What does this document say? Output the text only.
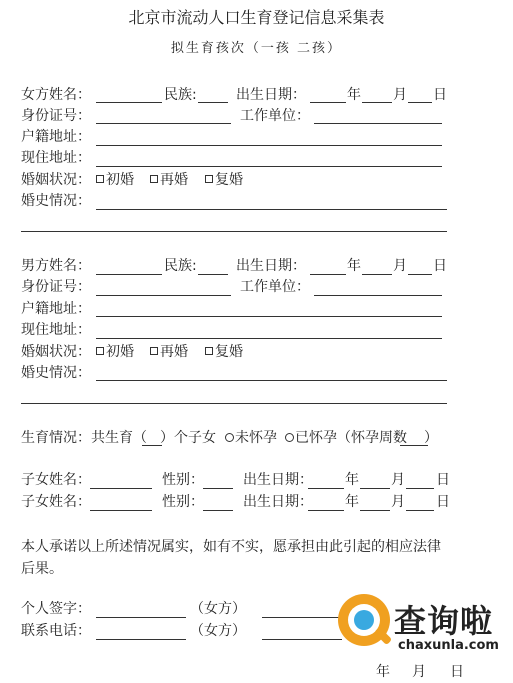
北京市流动人口生育登记信息采集表
拟生育孩次（一孩 二孩）
女方姓名：	民族:	出生日期：	年 月 日
身份证号：	工作单位：
户籍地址：
现住地址：
婚姻状况：	初婚	再婚	复婚
婚史情况：
男方姓名：	民族:	出生日期：	年 月 日
身份证号：	工作单位：
户籍地址：
现住地址：
婚姻状况：	初婚	再婚	复婚
婚史情况：
生育情况：共生育（ ）个子女	未怀孕	已怀孕（怀孕周数 ）
子女姓名：	性别：	出生日期： 年 月 日
子女姓名：	性别：	出生日期： 年 月 日
本人承诺以上所述情况属实，如有不实，愿承担由此引起的相应法律
后果。
个人签字：	（女方）
联系电话：	（女方）
年 月 日
查询啦
chaxunla.com
